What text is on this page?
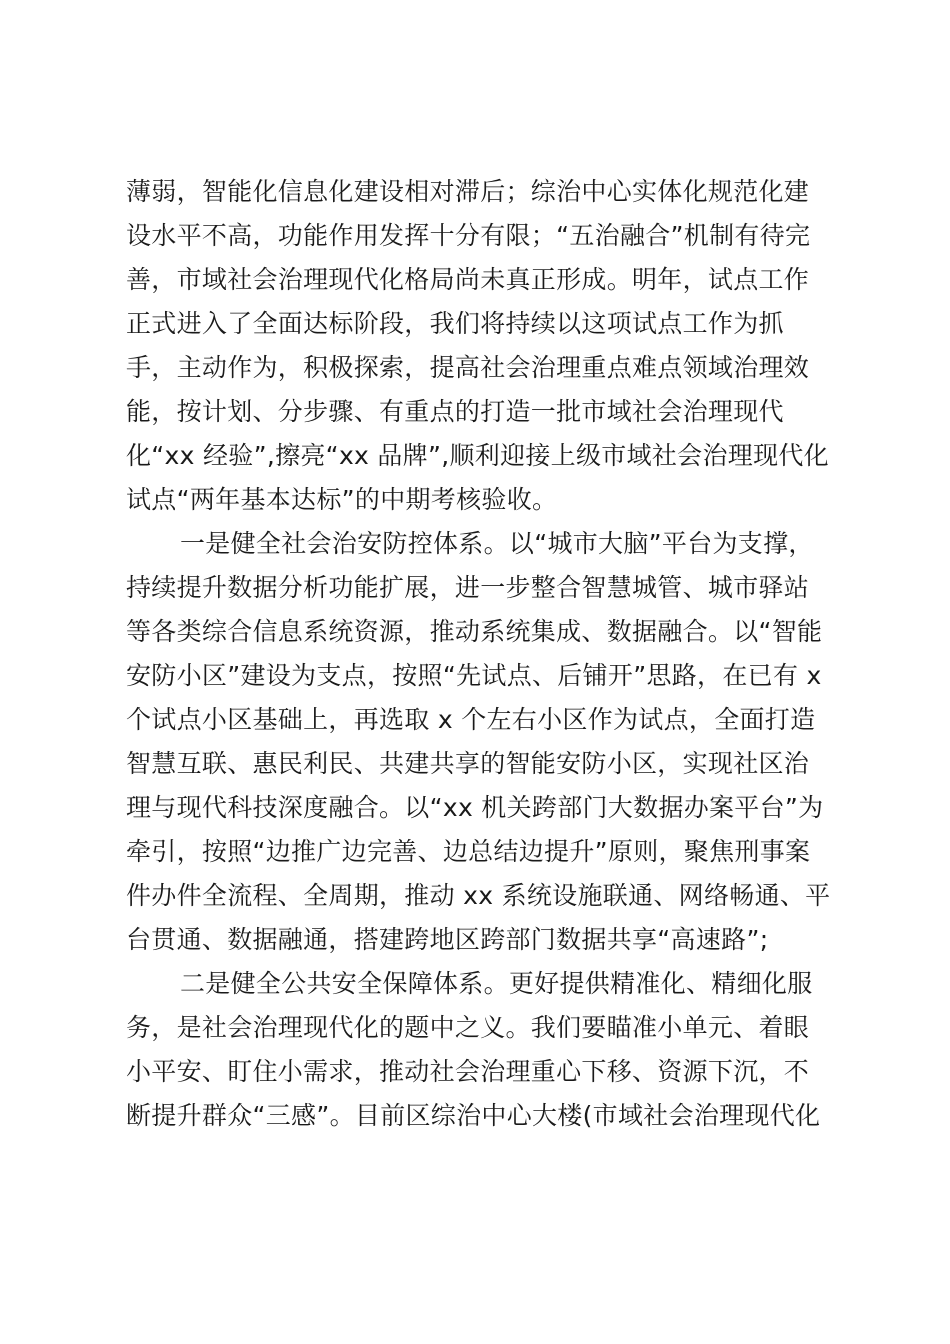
薄弱，智能化信息化建设相对滞后；综治中心实体化规范化建
设水平不高，功能作用发挥十分有限；“五治融合”机制有待完
善，市域社会治理现代化格局尚未真正形成。明年，试点工作
正式进入了全面达标阶段，我们将持续以这项试点工作为抓
手，主动作为，积极探索，提高社会治理重点难点领域治理效
能，按计划、分步骤、有重点的打造一批市域社会治理现代
化“xx 经验”,擦亮“xx 品牌”,顺利迎接上级市域社会治理现代化
试点“两年基本达标”的中期考核验收。
一是健全社会治安防控体系。以“城市大脑”平台为支撑，
持续提升数据分析功能扩展，进一步整合智慧城管、城市驿站
等各类综合信息系统资源，推动系统集成、数据融合。以“智能
安防小区”建设为支点，按照“先试点、后铺开”思路，在已有 x
个试点小区基础上，再选取 x 个左右小区作为试点，全面打造
智慧互联、惠民利民、共建共享的智能安防小区，实现社区治
理与现代科技深度融合。以“xx 机关跨部门大数据办案平台”为
牵引，按照“边推广边完善、边总结边提升”原则，聚焦刑事案
件办件全流程、全周期，推动 xx 系统设施联通、网络畅通、平
台贯通、数据融通，搭建跨地区跨部门数据共享“高速路”;
二是健全公共安全保障体系。更好提供精准化、精细化服
务，是社会治理现代化的题中之义。我们要瞄准小单元、着眼
小平安、盯住小需求，推动社会治理重心下移、资源下沉，不
断提升群众“三感”。目前区综治中心大楼(市域社会治理现代化
